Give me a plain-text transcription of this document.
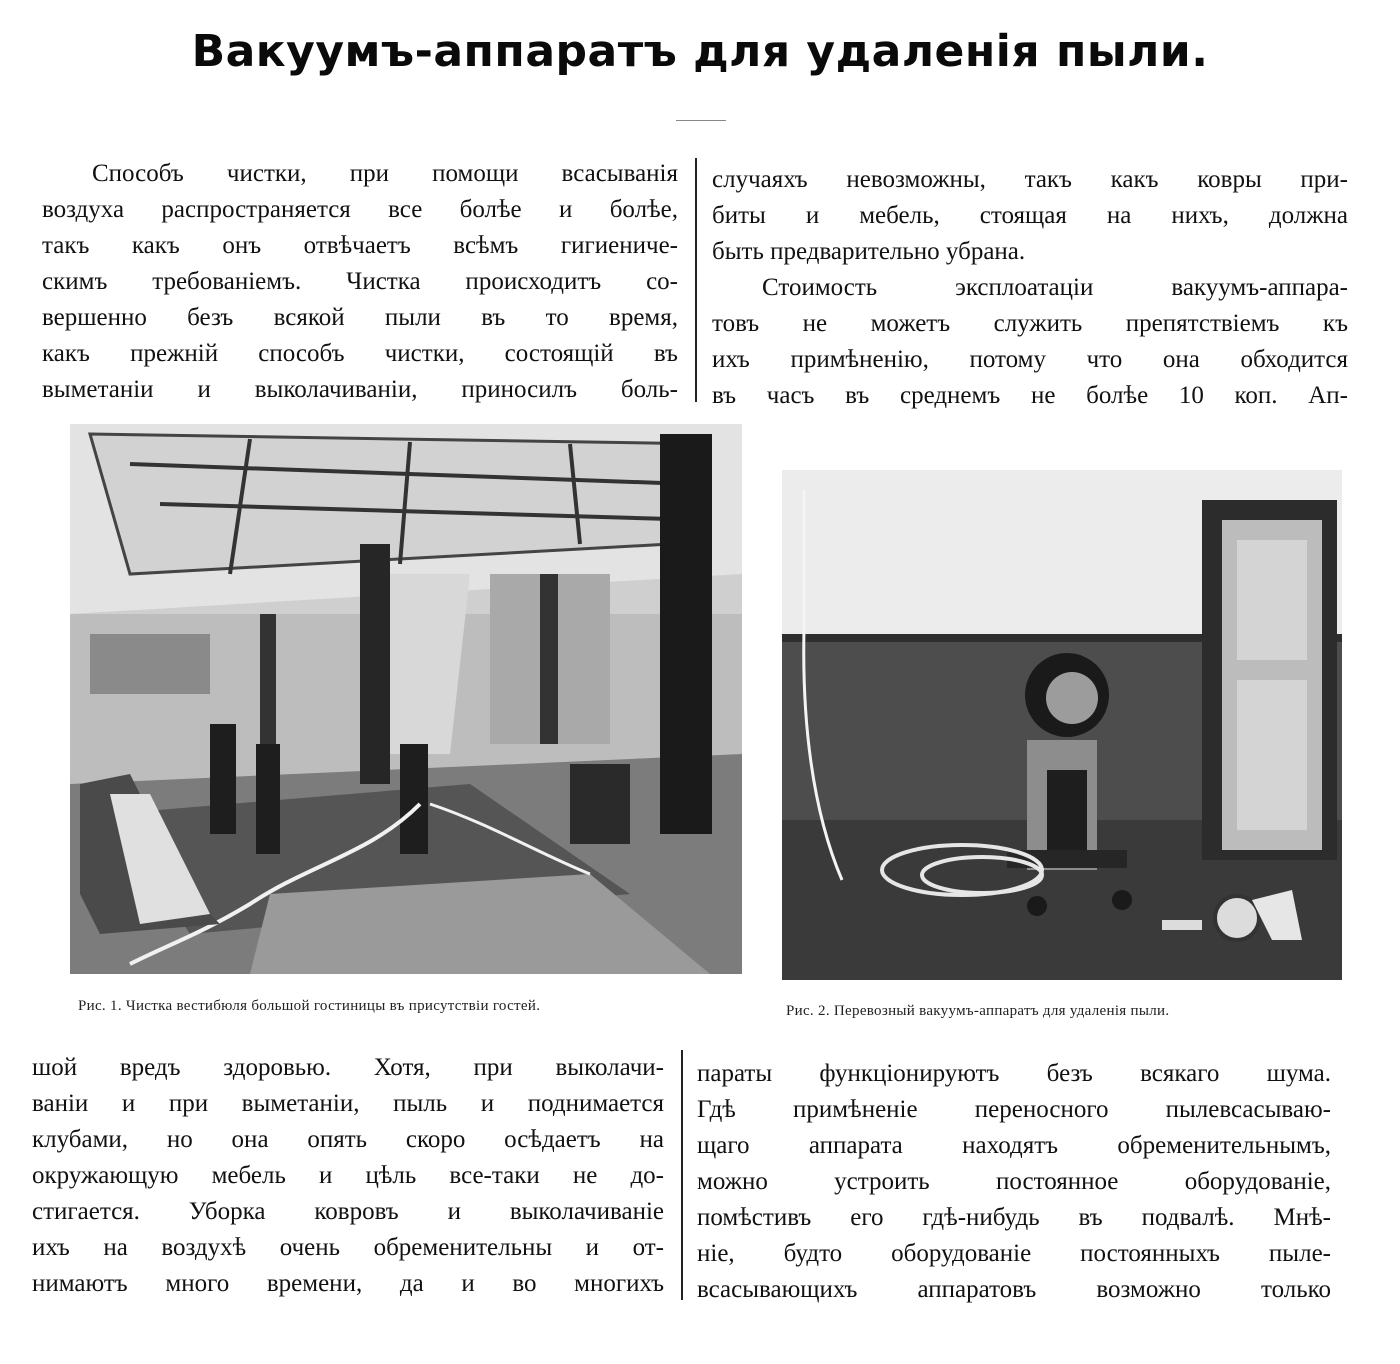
Вакуумъ-аппаратъ для удаленія пыли.
Способъ чистки, при помощи всасыванія
воздуха распространяется все болѣе и болѣе,
такъ какъ онъ отвѣчаетъ всѣмъ гигиениче-
скимъ требованіемъ. Чистка происходитъ со-
вершенно безъ всякой пыли въ то время,
какъ прежній способъ чистки, состоящій въ
выметаніи и выколачиваніи, приносилъ боль-
случаяхъ невозможны, такъ какъ ковры при-
биты и мебель, стоящая на нихъ, должна
быть предварительно убрана.
Стоимость эксплоатаціи вакуумъ-аппара-
товъ не можетъ служить препятствіемъ къ
ихъ примѣненію, потому что она обходится
въ часъ въ среднемъ не болѣе 10 коп. Ап-
Рис. 1. Чистка вестибюля большой гостиницы въ присутствіи гостей.	Рис. 2. Перевозный вакуумъ-аппаратъ для удаленія пыли.
шой вредъ здоровью. Хотя, при выколачи-
ваніи и при выметаніи, пыль и поднимается
клубами, но она опять скоро осѣдаетъ на
окружающую мебель и цѣль все-таки не до-
стигается. Уборка ковровъ и выколачиваніе
ихъ на воздухѣ очень обременительны и от-
нимаютъ много времени, да и во многихъ
параты функціонируютъ безъ всякаго шума.
Гдѣ примѣненіе переносного пылевсасываю-
щаго аппарата находятъ обременительнымъ,
можно устроить постоянное оборудованіе,
помѣстивъ его гдѣ-нибудь въ подвалѣ. Мнѣ-
ніе, будто оборудованіе постоянныхъ пыле-
всасывающихъ аппаратовъ возможно только
